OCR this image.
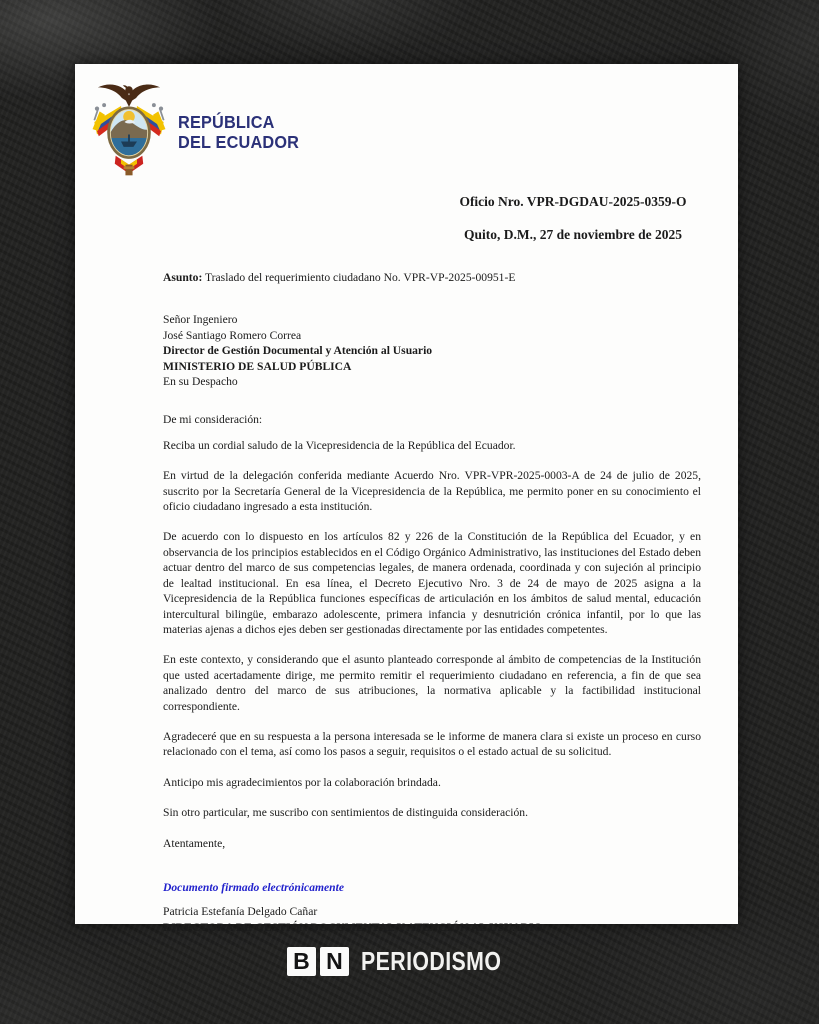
REPÚBLICA
DEL ECUADOR
Oficio Nro. VPR-DGDAU-2025-0359-O
Quito, D.M., 27 de noviembre de 2025

Asunto: Traslado del requerimiento ciudadano No. VPR-VP-2025-00951-E

Señor Ingeniero
José Santiago Romero Correa
Director de Gestión Documental y Atención al Usuario
MINISTERIO DE SALUD PÚBLICA
En su Despacho

De mi consideración:

Reciba un cordial saludo de la Vicepresidencia de la República del Ecuador.

En virtud de la delegación conferida mediante Acuerdo Nro. VPR-VPR-2025-0003-A de 24 de julio de 2025, suscrito por la Secretaría General de la Vicepresidencia de la República, me permito poner en su conocimiento el oficio ciudadano ingresado a esta institución.

De acuerdo con lo dispuesto en los artículos 82 y 226 de la Constitución de la República del Ecuador, y en observancia de los principios establecidos en el Código Orgánico Administrativo, las instituciones del Estado deben actuar dentro del marco de sus competencias legales, de manera ordenada, coordinada y con sujeción al principio de lealtad institucional. En esa línea, el Decreto Ejecutivo Nro. 3 de 24 de mayo de 2025 asigna a la Vicepresidencia de la República funciones específicas de articulación en los ámbitos de salud mental, educación intercultural bilingüe, embarazo adolescente, primera infancia y desnutrición crónica infantil, por lo que las materias ajenas a dichos ejes deben ser gestionadas directamente por las entidades competentes.

En este contexto, y considerando que el asunto planteado corresponde al ámbito de competencias de la Institución que usted acertadamente dirige, me permito remitir el requerimiento ciudadano en referencia, a fin de que sea analizado dentro del marco de sus atribuciones, la normativa aplicable y la factibilidad institucional correspondiente.

Agradeceré que en su respuesta a la persona interesada se le informe de manera clara si existe un proceso en curso relacionado con el tema, así como los pasos a seguir, requisitos o el estado actual de su solicitud.

Anticipo mis agradecimientos por la colaboración brindada.

Sin otro particular, me suscribo con sentimientos de distinguida consideración.

Atentamente,

Documento firmado electrónicamente

Patricia Estefanía Delgado Cañar

DIRECTORA DE GESTIÓN DOCUMENTAL Y ATENCIÓN AL USUARIO

B N PERIODISMO
